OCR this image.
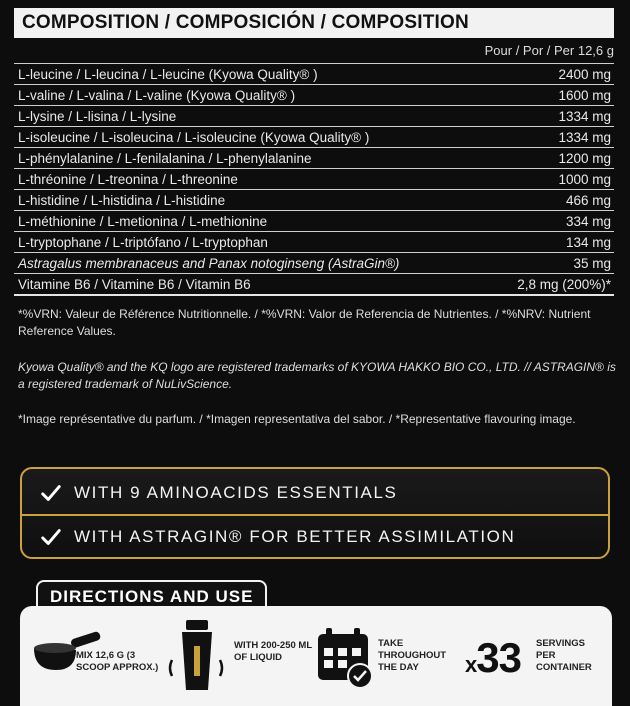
COMPOSITION / COMPOSICIÓN / COMPOSITION
Pour / Por / Per 12,6 g
L-leucine / L-leucina / L-leucine (Kyowa Quality® )	2400 mg
L-valine / L-valina / L-valine (Kyowa Quality® )	1600 mg
L-lysine / L-lisina / L-lysine	1334 mg
L-isoleucine / L-isoleucina / L-isoleucine (Kyowa Quality® )	1334 mg
L-phénylalanine / L-fenilalanina / L-phenylalanine	1200 mg
L-thréonine / L-treonina / L-threonine	1000 mg
L-histidine / L-histidina / L-histidine	466 mg
L-méthionine / L-metionina / L-methionine	334 mg
L-tryptophane / L-triptófano / L-tryptophan	134 mg
Astragalus membranaceus and Panax notoginseng (AstraGin®)	35 mg
Vitamine B6 / Vitamine B6 / Vitamin B6	2,8 mg (200%)*
*%VRN: Valeur de Référence Nutritionnelle. / *%VRN: Valor de Referencia de Nutrientes. / *%NRV: Nutrient Reference Values.
Kyowa Quality® and the KQ logo are registered trademarks of KYOWA HAKKO BIO CO., LTD. // ASTRAGIN® is a registered trademark of NuLivScience.
*Image représentative du parfum. / *Imagen representativa del sabor. / *Representative flavouring image.
WITH 9 AMINOACIDS ESSENTIALS
WITH ASTRAGIN® FOR BETTER ASSIMILATION
DIRECTIONS AND USE
MIX 12,6 G (3 SCOOP APPROX.)
WITH 200-250 ML OF LIQUID
TAKE THROUGHOUT THE DAY	x33 SERVINGS PER CONTAINER
